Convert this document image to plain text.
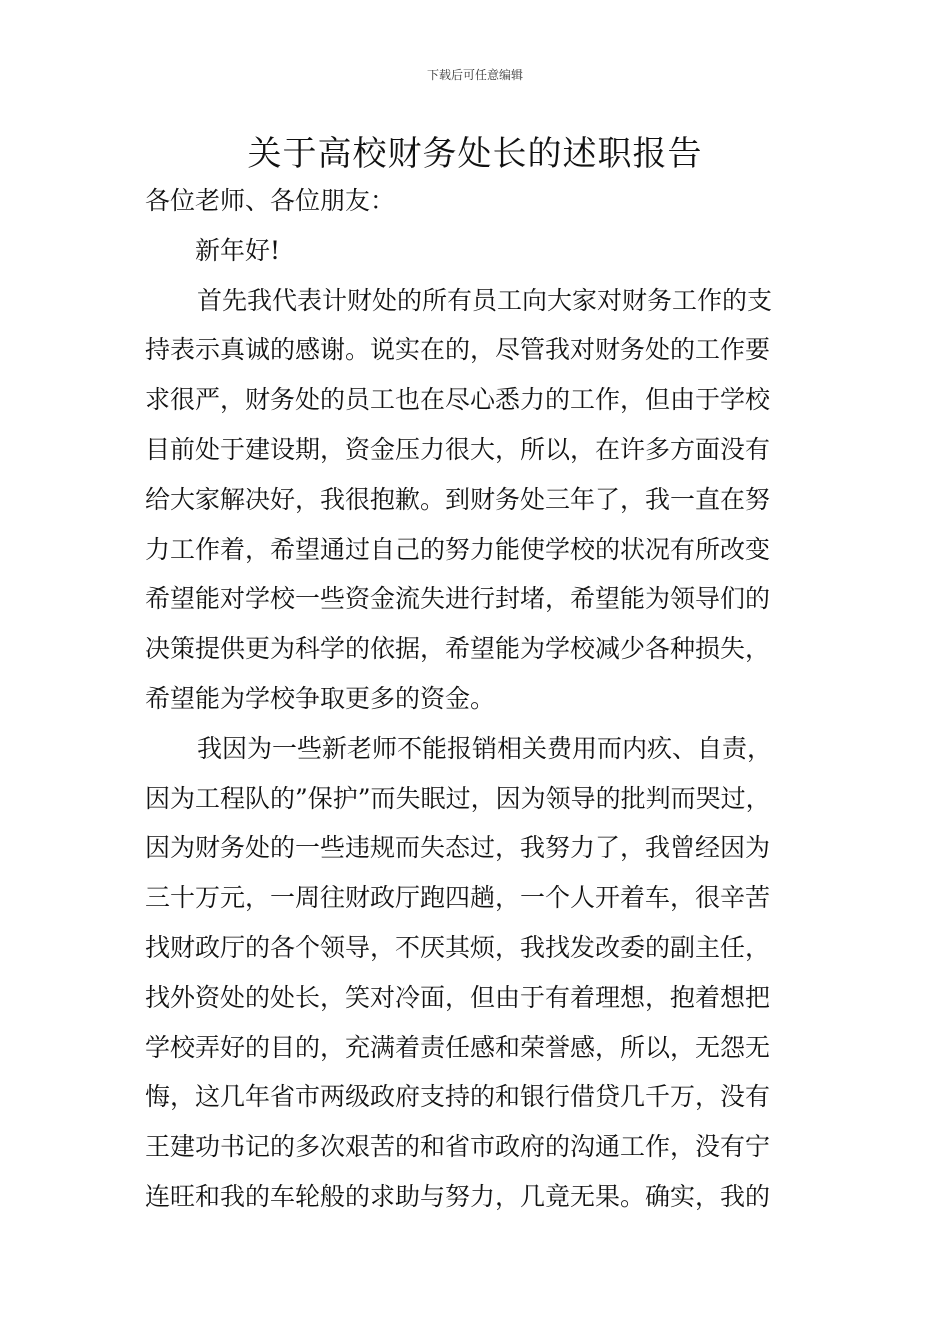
下载后可任意编辑
关于高校财务处长的述职报告
各位老师、各位朋友：
新年好!
首先我代表计财处的所有员工向大家对财务工作的支
持表示真诚的感谢。说实在的，尽管我对财务处的工作要
求很严，财务处的员工也在尽心悉力的工作，但由于学校
目前处于建设期，资金压力很大，所以，在许多方面没有
给大家解决好，我很抱歉。到财务处三年了，我一直在努
力工作着，希望通过自己的努力能使学校的状况有所改变
希望能对学校一些资金流失进行封堵，希望能为领导们的
决策提供更为科学的依据，希望能为学校减少各种损失，
希望能为学校争取更多的资金。
我因为一些新老师不能报销相关费用而内疚、自责，
因为工程队的”保护”而失眠过，因为领导的批判而哭过，
因为财务处的一些违规而失态过，我努力了，我曾经因为
三十万元，一周往财政厅跑四趟，一个人开着车，很辛苦
找财政厅的各个领导，不厌其烦，我找发改委的副主任，
找外资处的处长，笑对冷面，但由于有着理想，抱着想把
学校弄好的目的，充满着责任感和荣誉感，所以，无怨无
悔，这几年省市两级政府支持的和银行借贷几千万，没有
王建功书记的多次艰苦的和省市政府的沟通工作，没有宁
连旺和我的车轮般的求助与努力，几竟无果。确实，我的
